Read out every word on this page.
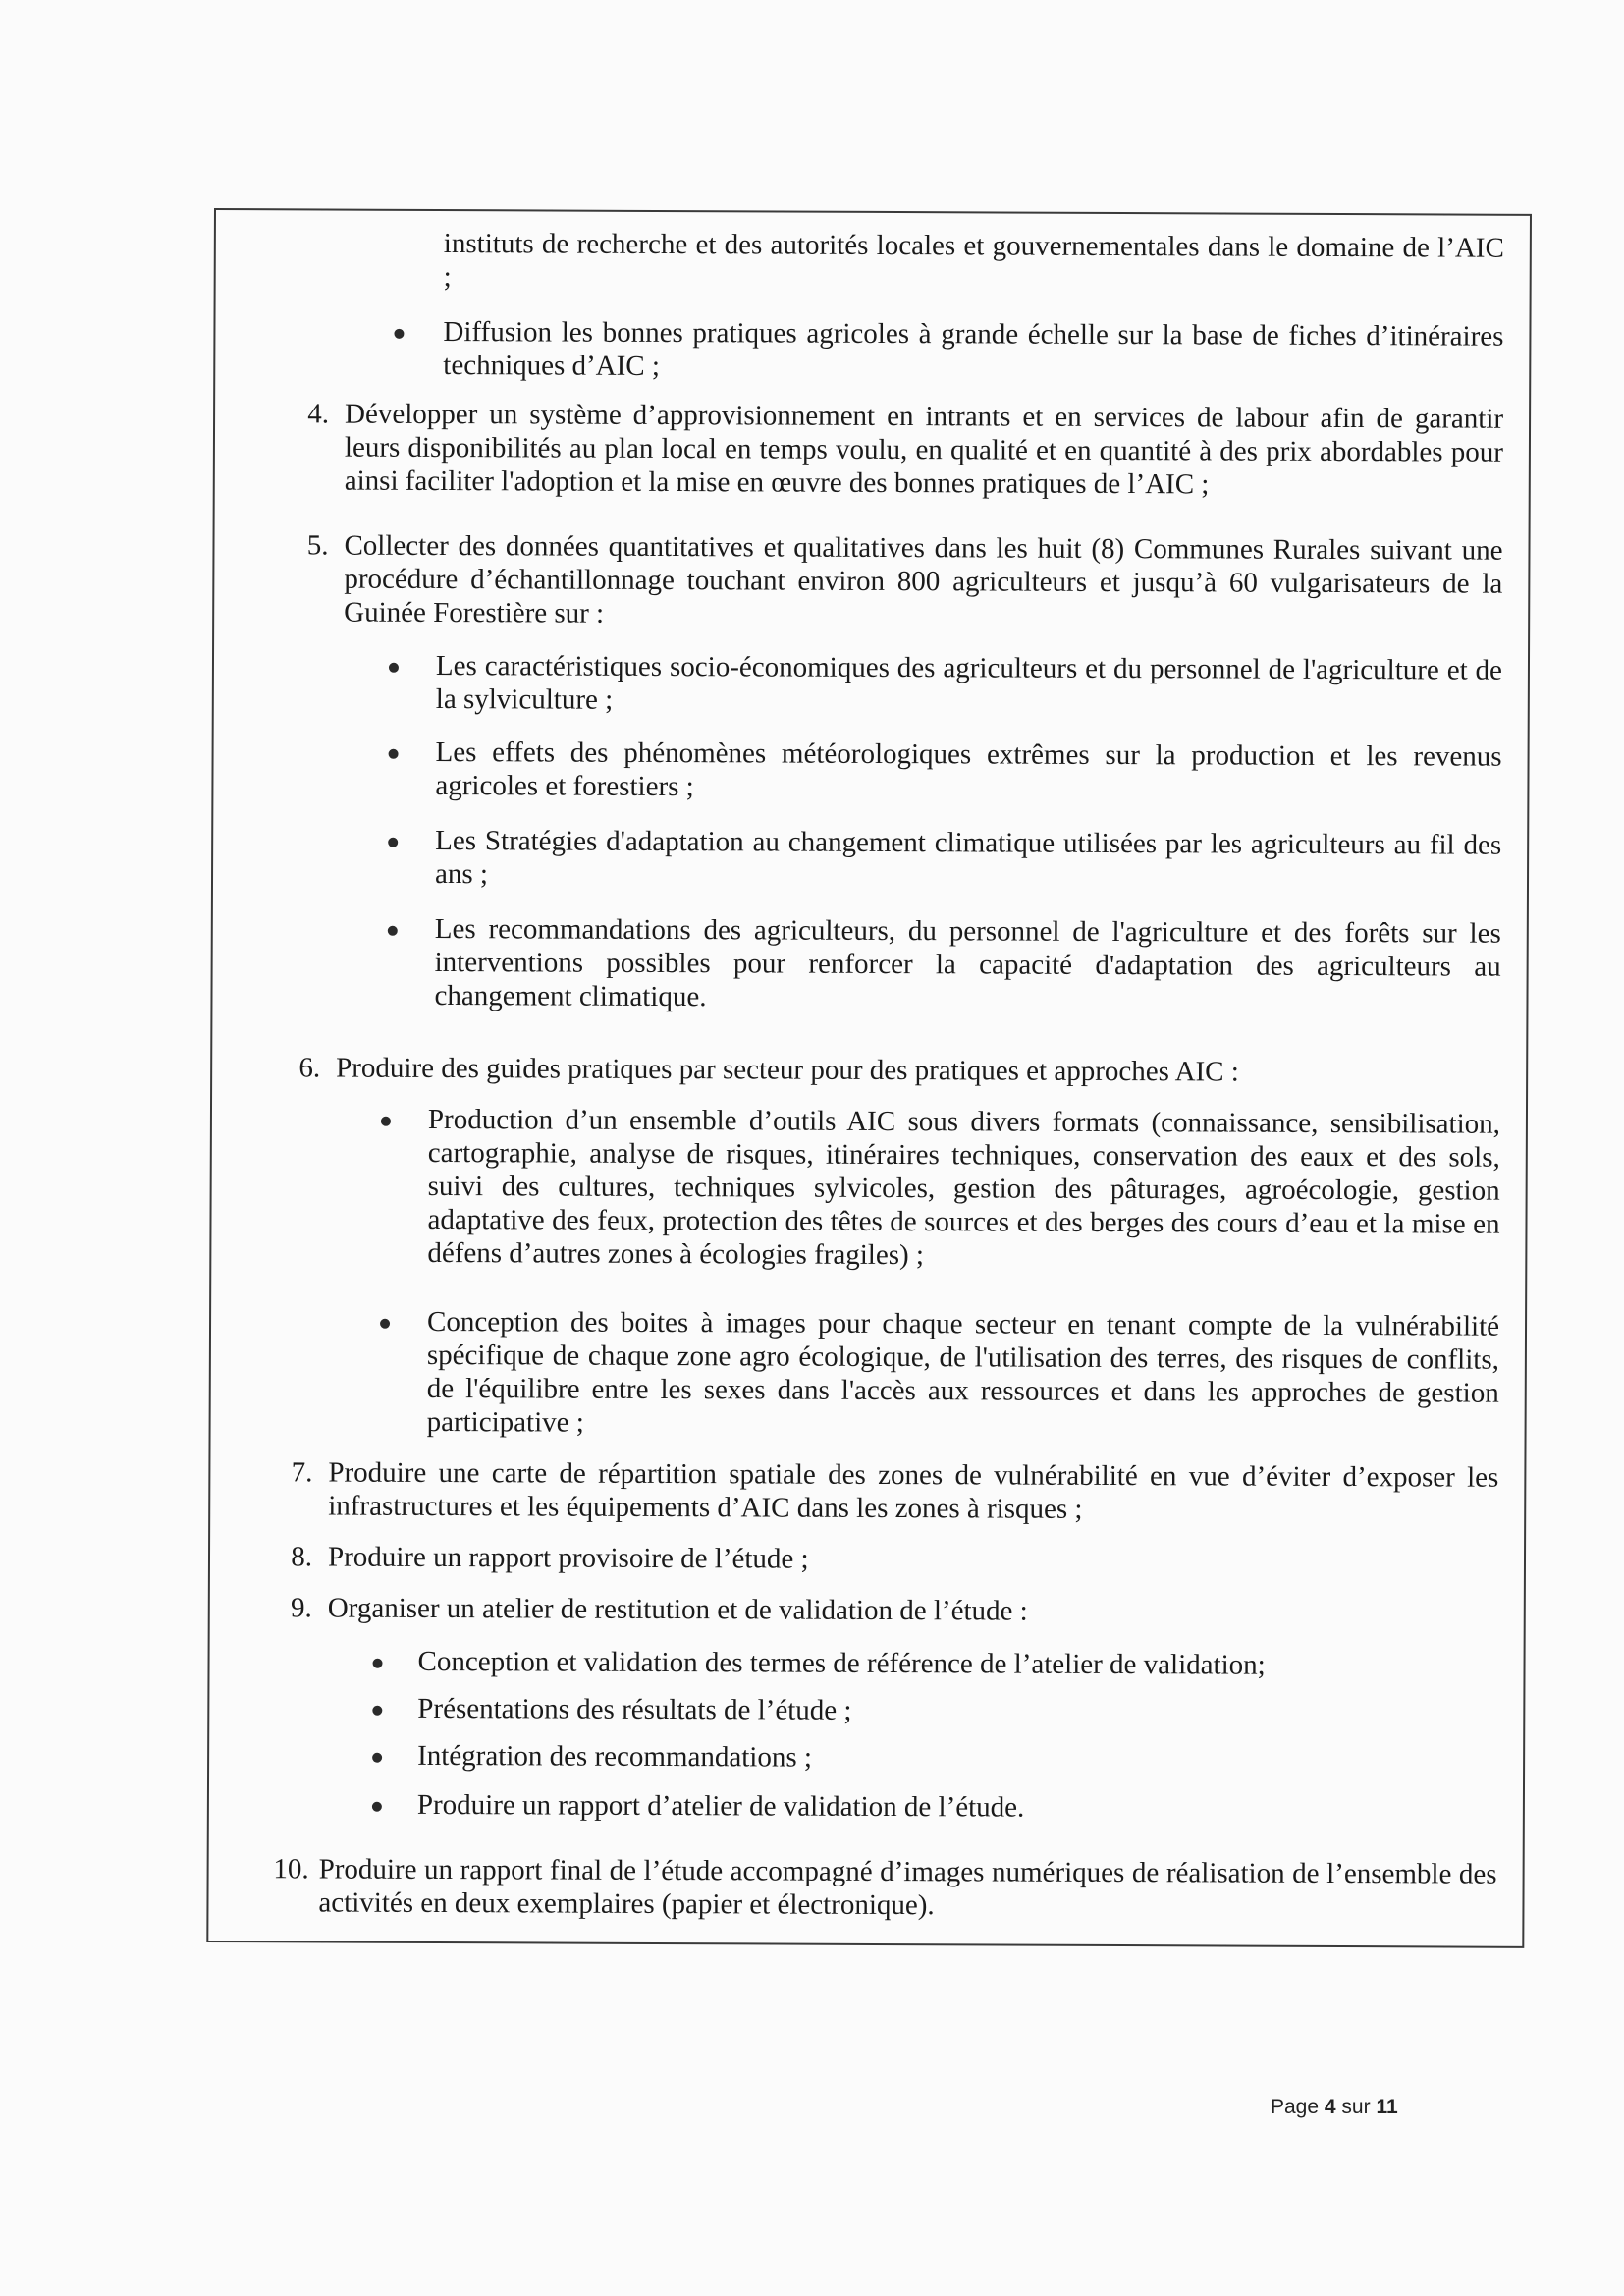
instituts de recherche et des autorités locales et gouvernementales dans le domaine de l’AIC ;
Diffusion les bonnes pratiques agricoles à grande échelle sur la base de fiches d’itinéraires techniques d’AIC ;
4. Développer un système d’approvisionnement en intrants et en services de labour afin de garantir leurs disponibilités au plan local en temps voulu, en qualité et en quantité à des prix abordables pour ainsi faciliter l'adoption et la mise en œuvre des bonnes pratiques de l’AIC ;
5. Collecter des données quantitatives et qualitatives dans les huit (8) Communes Rurales suivant une procédure d’échantillonnage touchant environ 800 agriculteurs et jusqu’à 60 vulgarisateurs de la Guinée Forestière sur :
Les caractéristiques socio-économiques des agriculteurs et du personnel de l'agriculture et de la sylviculture ;
Les effets des phénomènes météorologiques extrêmes sur la production et les revenus agricoles et forestiers ;
Les Stratégies d'adaptation au changement climatique utilisées par les agriculteurs au fil des ans ;
Les recommandations des agriculteurs, du personnel de l'agriculture et des forêts sur les interventions possibles pour renforcer la capacité d'adaptation des agriculteurs au changement climatique.
6. Produire des guides pratiques par secteur pour des pratiques et approches AIC :
Production d’un ensemble d’outils AIC sous divers formats (connaissance, sensibilisation, cartographie, analyse de risques, itinéraires techniques, conservation des eaux et des sols, suivi des cultures, techniques sylvicoles, gestion des pâturages, agroécologie, gestion adaptative des feux, protection des têtes de sources et des berges des cours d’eau et la mise en défens d’autres zones à écologies fragiles) ;
Conception des boites à images pour chaque secteur en tenant compte de la vulnérabilité spécifique de chaque zone agro écologique, de l'utilisation des terres, des risques de conflits, de l'équilibre entre les sexes dans l'accès aux ressources et dans les approches de gestion participative ;
7. Produire une carte de répartition spatiale des zones de vulnérabilité en vue d’éviter d’exposer les infrastructures et les équipements d’AIC dans les zones à risques ;
8. Produire un rapport provisoire de l’étude ;
9. Organiser un atelier de restitution et de validation de l’étude :
Conception et validation des termes de référence de l’atelier de validation;
Présentations des résultats de l’étude ;
Intégration des recommandations ;
Produire un rapport d’atelier de validation de l’étude.
10. Produire un rapport final de l’étude accompagné d’images numériques de réalisation de l’ensemble des activités en deux exemplaires (papier et électronique).
Page 4 sur 11
